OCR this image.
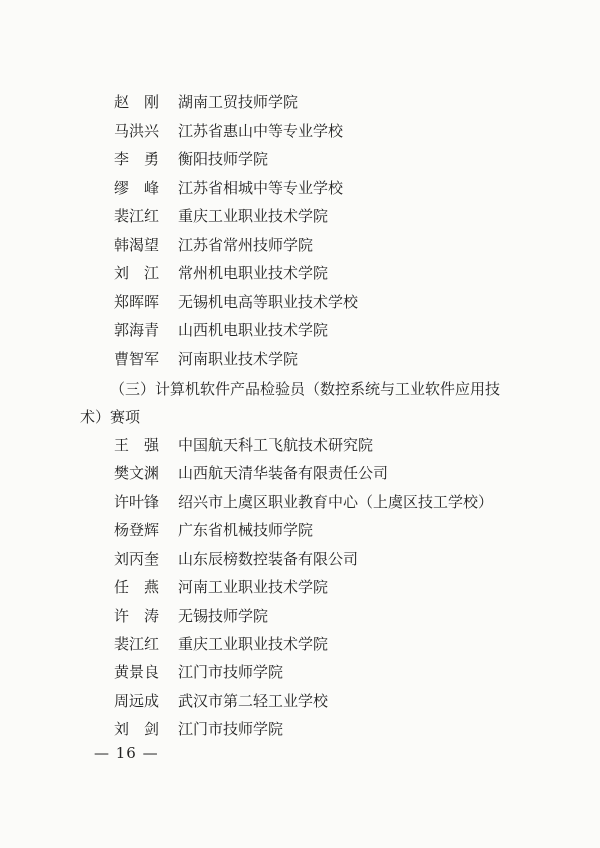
赵　刚	湖南工贸技师学院
马洪兴	江苏省惠山中等专业学校
李　勇	衡阳技师学院
缪　峰	江苏省相城中等专业学校
裴江红	重庆工业职业技术学院
韩渴望	江苏省常州技师学院
刘　江	常州机电职业技术学院
郑晖晖	无锡机电高等职业技术学校
郭海青	山西机电职业技术学院
曹智军	河南职业技术学院
（三）计算机软件产品检验员（数控系统与工业软件应用技
术）赛项
王　强	中国航天科工飞航技术研究院
樊文渊	山西航天清华装备有限责任公司
许叶锋	绍兴市上虞区职业教育中心（上虞区技工学校）
杨登辉	广东省机械技师学院
刘丙奎	山东辰榜数控装备有限公司
任　燕	河南工业职业技术学院
许　涛	无锡技师学院
裴江红	重庆工业职业技术学院
黄景良	江门市技师学院
周远成	武汉市第二轻工业学校
刘　剑	江门市技师学院
— 16 —
